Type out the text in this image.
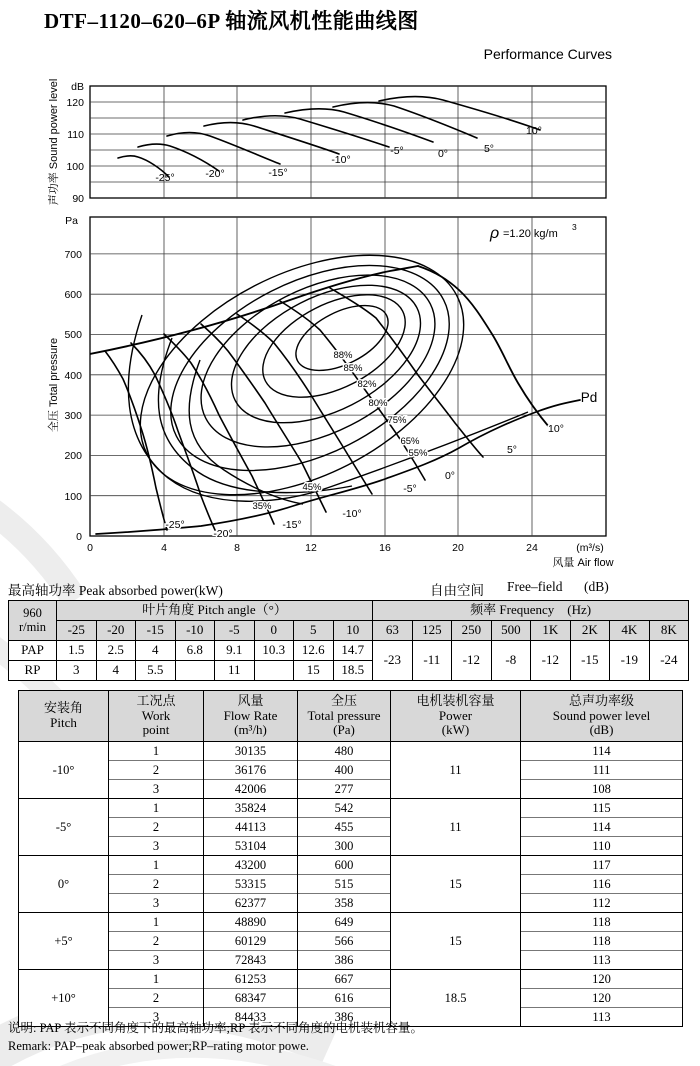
DTF–1120–620–6P 轴流风机性能曲线图
Performance Curves
dB
120
110
100
90
声功率 Sound power level	-25°	-20°	-15°
-10°
-5°	0°	5°
10°
Pa
700
600
500
400
300
200
100
0
全压 Total pressure
0	4	8	12	16	20	24	(m³/s)
风量 Air flow
ρ =1.20 kg/m
3
88%
85%
82%
80%
75%
65%
55%
45%
35%
-25°
-20°
-15°
-10°
-5°
0°
5°
10°
Pd
最高轴功率 Peak absorbed power(kW)	自由空间 Free–field (dB)
960
r/min	叶片角度 Pitch angle（°）								频率 Frequency　(Hz)							
	-25	-20	-15	-10	-5	0	5	10	63	125	250	500	1K	2K	4K	8K
PAP	1.5	2.5	4	6.8	9.1	10.3	12.6	14.7	-23	-11	-12	-8	-12	-15	-19	-24
RP	3	4	5.5		11		15	18.5								
安装角
Pitch

工况点
Work
point

风量
Flow Rate
(m³/h)

全压
Total pressure
(Pa)

电机装机容量
Power
(kW)

总声功率级
Sound power level
(dB)

-10°	1	30135	480	11	114
	2	36176	400		111
	3	42006	277		108
-5°	1	35824	542	11	115
	2	44113	455		114
	3	53104	300		110
0°	1	43200	600	15	117
	2	53315	515		116
	3	62377	358		112
+5°	1	48890	649	15	118
	2	60129	566		118
	3	72843	386		113
+10°	1	61253	667	18.5	120
	2	68347	616		120
	3	84433	386		113
说明: PAP 表示不同角度下的最高轴功率;RP 表示不同角度的电机装机容量。
Remark: PAP–peak absorbed power;RP–rating motor powe.
